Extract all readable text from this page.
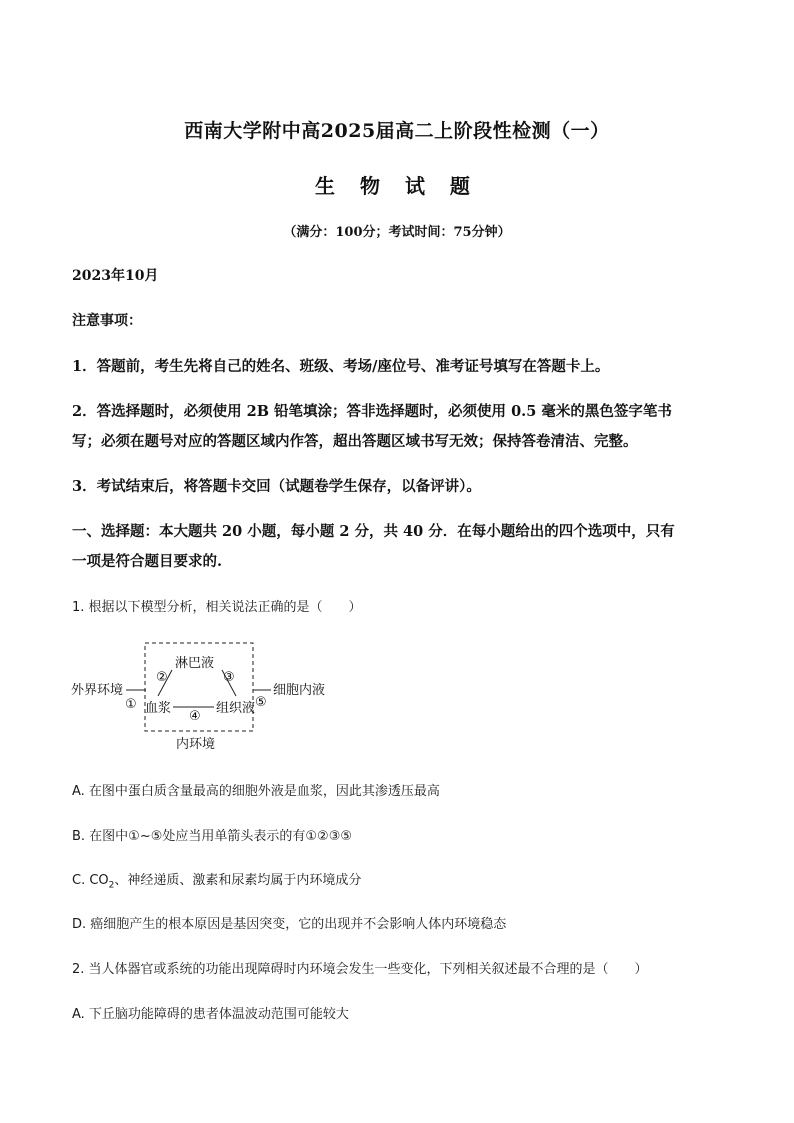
西南大学附中高2025届高二上阶段性检测（一）
生 物 试 题
（满分：100分；考试时间：75分钟）
2023年10月
注意事项：
1．答题前，考生先将自己的姓名、班级、考场/座位号、准考证号填写在答题卡上。
2．答选择题时，必须使用 2B 铅笔填涂；答非选择题时，必须使用 0.5 毫米的黑色签字笔书
写；必须在题号对应的答题区域内作答，超出答题区域书写无效；保持答卷清洁、完整。
3．考试结束后，将答题卡交回（试题卷学生保存，以备评讲）。
一、选择题：本大题共 20 小题，每小题 2 分，共 40 分．在每小题给出的四个选项中，只有
一项是符合题目要求的.
1. 根据以下模型分析，相关说法正确的是（　　）
外界环境
淋巴液
血浆	组织液
细胞内液
内环境
①
②	③
④
⑤
A. 在图中蛋白质含量最高的细胞外液是血浆，因此其渗透压最高
B. 在图中①~⑤处应当用单箭头表示的有①②③⑤
C. $CO_2$、神经递质、激素和尿素均属于内环境成分
D. 癌细胞产生的根本原因是基因突变，它的出现并不会影响人体内环境稳态
2. 当人体器官或系统的功能出现障碍时内环境会发生一些变化，下列相关叙述最不合理的是（　　）
A. 下丘脑功能障碍的患者体温波动范围可能较大
